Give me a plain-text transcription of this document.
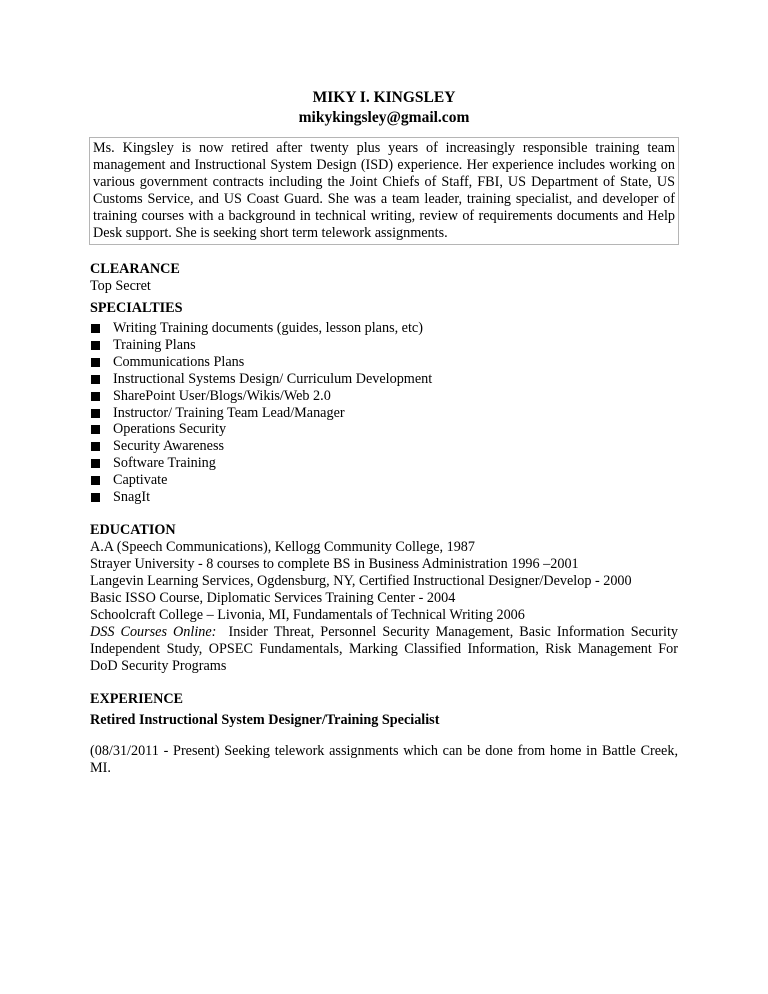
MIKY I. KINGSLEY
mikykingsley@gmail.com
Ms. Kingsley is now retired after twenty plus years of increasingly responsible training team management and Instructional System Design (ISD) experience. Her experience includes working on various government contracts including the Joint Chiefs of Staff, FBI, US Department of State, US Customs Service, and US Coast Guard. She was a team leader, training specialist, and developer of training courses with a background in technical writing, review of requirements documents and Help Desk support. She is seeking short term telework assignments.
CLEARANCE
Top Secret
SPECIALTIES
Writing Training documents (guides, lesson plans, etc)
Training Plans
Communications Plans
Instructional Systems Design/ Curriculum Development
SharePoint User/Blogs/Wikis/Web 2.0
Instructor/ Training Team Lead/Manager
Operations Security
Security Awareness
Software Training
Captivate
SnagIt
EDUCATION
A.A (Speech Communications), Kellogg Community College, 1987
Strayer University - 8 courses to complete BS in Business Administration 1996 –2001
Langevin Learning Services, Ogdensburg, NY, Certified Instructional Designer/Develop - 2000
Basic ISSO Course, Diplomatic Services Training Center - 2004
Schoolcraft College – Livonia, MI, Fundamentals of Technical Writing 2006
DSS Courses Online:  Insider Threat, Personnel Security Management, Basic Information Security Independent Study, OPSEC Fundamentals, Marking Classified Information, Risk Management For DoD Security Programs
EXPERIENCE
Retired Instructional System Designer/Training Specialist
(08/31/2011 - Present) Seeking telework assignments which can be done from home in Battle Creek, MI.
